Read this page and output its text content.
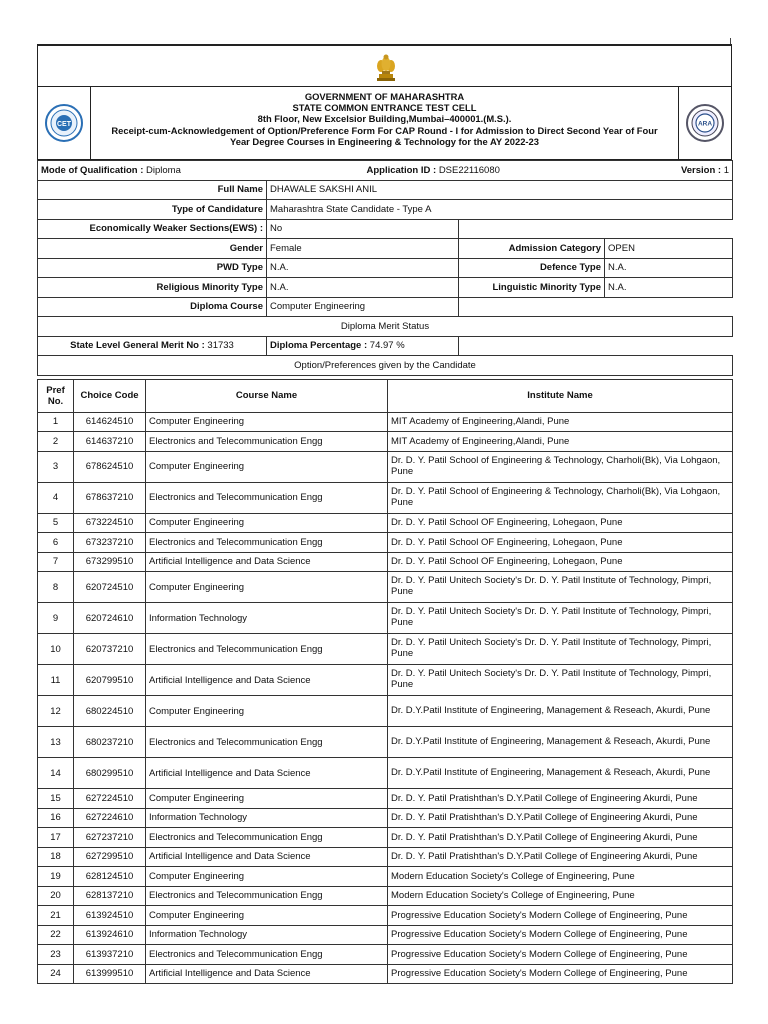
CET
GOVERNMENT OF MAHARASHTRA
STATE COMMON ENTRANCE TEST CELL
8th Floor, New Excelsior Building,Mumbai–400001.(M.S.).
Receipt-cum-Acknowledgement of Option/Preference Form For CAP Round - I for Admission to Direct Second Year of Four
Year Degree Courses in Engineering & Technology for the AY 2022-23
ARA
Mode of Qualification : Diploma	Application ID : DSE22116080		Version : 1
Full Name	DHAWALE SAKSHI ANIL		
Type of Candidature	Maharashtra State Candidate - Type A		
Economically Weaker Sections(EWS) :	No		
Gender	Female	Admission Category	OPEN
PWD Type	N.A.	Defence Type	N.A.
Religious Minority Type	N.A.	Linguistic Minority Type	N.A.
Diploma Course	Computer Engineering		
Diploma Merit Status			
State Level General Merit No : 31733	Diploma Percentage : 74.97 %		
Option/Preferences given by the Candidate			
Pref No.	Choice Code	Course Name	Institute Name
1	614624510	Computer Engineering	MIT Academy of Engineering,Alandi, Pune
2	614637210	Electronics and Telecommunication Engg	MIT Academy of Engineering,Alandi, Pune
3	678624510	Computer Engineering	Dr. D. Y. Patil School of Engineering & Technology, Charholi(Bk), Via Lohgaon, Pune
4	678637210	Electronics and Telecommunication Engg	Dr. D. Y. Patil School of Engineering & Technology, Charholi(Bk), Via Lohgaon, Pune
5	673224510	Computer Engineering	Dr. D. Y. Patil School OF Engineering, Lohegaon, Pune
6	673237210	Electronics and Telecommunication Engg	Dr. D. Y. Patil School OF Engineering, Lohegaon, Pune
7	673299510	Artificial Intelligence and Data Science	Dr. D. Y. Patil School OF Engineering, Lohegaon, Pune
8	620724510	Computer Engineering	Dr. D. Y. Patil Unitech Society's Dr. D. Y. Patil Institute of Technology, Pimpri, Pune
9	620724610	Information Technology	Dr. D. Y. Patil Unitech Society's Dr. D. Y. Patil Institute of Technology, Pimpri, Pune
10	620737210	Electronics and Telecommunication Engg	Dr. D. Y. Patil Unitech Society's Dr. D. Y. Patil Institute of Technology, Pimpri, Pune
11	620799510	Artificial Intelligence and Data Science	Dr. D. Y. Patil Unitech Society's Dr. D. Y. Patil Institute of Technology, Pimpri, Pune
12	680224510	Computer Engineering	Dr. D.Y.Patil Institute of Engineering, Management & Reseach, Akurdi, Pune
13	680237210	Electronics and Telecommunication Engg	Dr. D.Y.Patil Institute of Engineering, Management & Reseach, Akurdi, Pune
14	680299510	Artificial Intelligence and Data Science	Dr. D.Y.Patil Institute of Engineering, Management & Reseach, Akurdi, Pune
15	627224510	Computer Engineering	Dr. D. Y. Patil Pratishthan's D.Y.Patil College of Engineering Akurdi, Pune
16	627224610	Information Technology	Dr. D. Y. Patil Pratishthan's D.Y.Patil College of Engineering Akurdi, Pune
17	627237210	Electronics and Telecommunication Engg	Dr. D. Y. Patil Pratishthan's D.Y.Patil College of Engineering Akurdi, Pune
18	627299510	Artificial Intelligence and Data Science	Dr. D. Y. Patil Pratishthan's D.Y.Patil College of Engineering Akurdi, Pune
19	628124510	Computer Engineering	Modern Education Society's College of Engineering, Pune
20	628137210	Electronics and Telecommunication Engg	Modern Education Society's College of Engineering, Pune
21	613924510	Computer Engineering	Progressive Education Society's Modern College of Engineering, Pune
22	613924610	Information Technology	Progressive Education Society's Modern College of Engineering, Pune
23	613937210	Electronics and Telecommunication Engg	Progressive Education Society's Modern College of Engineering, Pune
24	613999510	Artificial Intelligence and Data Science	Progressive Education Society's Modern College of Engineering, Pune
